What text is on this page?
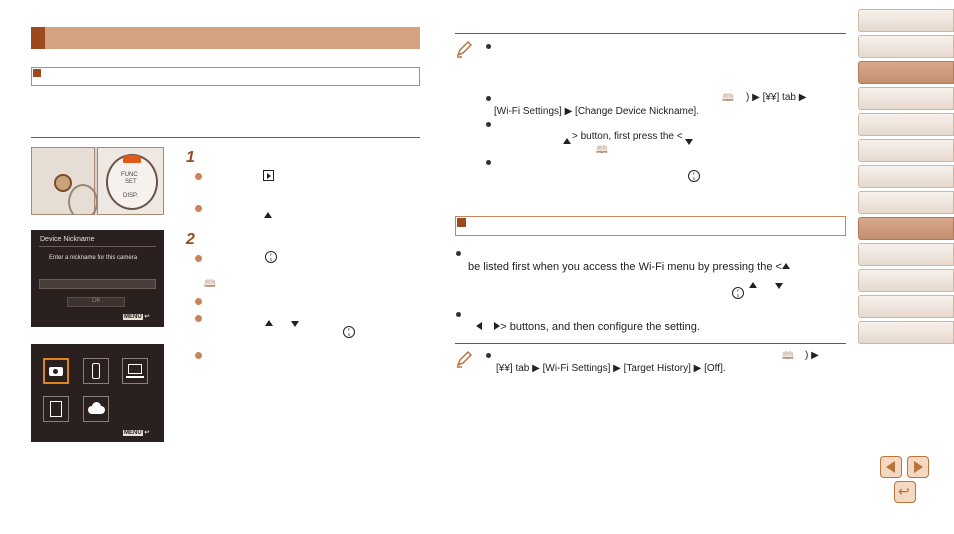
FUNC
SET
DISP.
1
Device Nickname
Enter a nickname for this camera
OK
MENU ↩
2
F
S
🕮
F
S
MENU ↩
🕮 ) ▶ [¥¥] tab ▶
[Wi-Fi Settings] ▶ [Change Device Nickname].
> button, first press the <
🕮
F
S
be listed first when you access the Wi-Fi menu by pressing the <
F
S
> buttons, and then configure the setting.
🕮 ) ▶
[¥¥] tab ▶ [Wi-Fi Settings] ▶ [Target History] ▶ [Off].
↩
